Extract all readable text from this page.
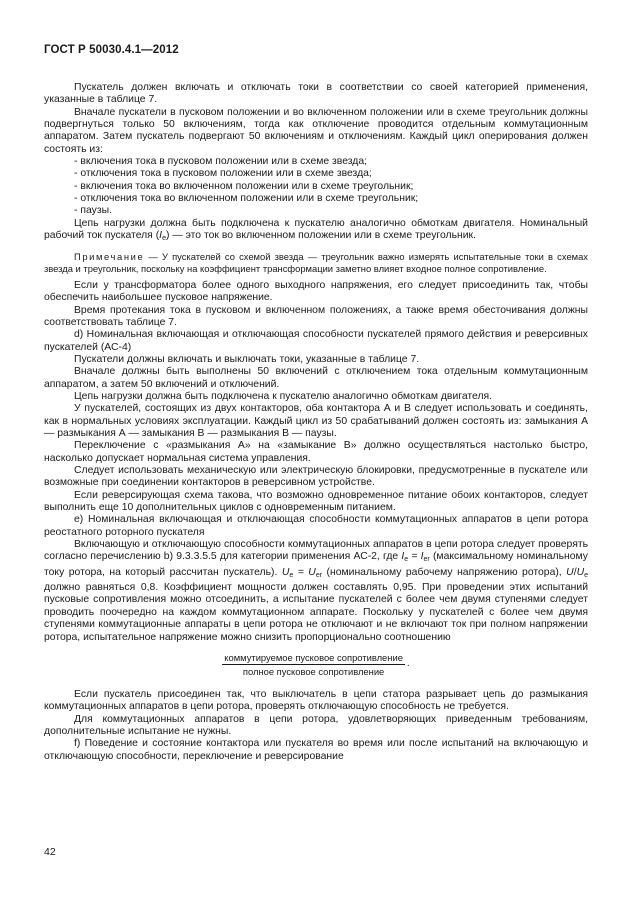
ГОСТ Р 50030.4.1—2012

Пускатель должен включать и отключать токи в соответствии со своей категорией применения, указанные в таблице 7.

Вначале пускатели в пусковом положении и во включенном положении или в схеме треугольник должны подвергнуться только 50 включениям, тогда как отключение проводится отдельным коммутационным аппаратом. Затем пускатель подвергают 50 включениям и отключениям. Каждый цикл оперирования должен состоять из:

- включения тока в пусковом положении или в схеме звезда;

- отключения тока в пусковом положении или в схеме звезда;

- включения тока во включенном положении или в схеме треугольник;

- отключения тока во включенном положении или в схеме треугольник;

- паузы.

Цепь нагрузки должна быть подключена к пускателю аналогично обмоткам двигателя. Номинальный рабочий ток пускателя $(I_e)$ — это ток во включенном положении или в схеме треугольник.

Примечание — У пускателей со схемой звезда — треугольник важно измерять испытательные токи в схемах звезда и треугольник, поскольку на коэффициент трансформации заметно влияет входное полное сопротивление.

Если у трансформатора более одного выходного напряжения, его следует присоединить так, чтобы обеспечить наибольшее пусковое напряжение.

Время протекания тока в пусковом и включенном положениях, а также время обесточивания должны соответствовать таблице 7.

d) Номинальная включающая и отключающая способности пускателей прямого действия и реверсивных пускателей (АС-4)

Пускатели должны включать и выключать токи, указанные в таблице 7.

Вначале должны быть выполнены 50 включений с отключением тока отдельным коммутационным аппаратом, а затем 50 включений и отключений.

Цепь нагрузки должна быть подключена к пускателю аналогично обмоткам двигателя.

У пускателей, состоящих из двух контакторов, оба контактора А и В следует использовать и соединять, как в нормальных условиях эксплуатации. Каждый цикл из 50 срабатываний должен состоять из: замыкания А — размыкания А — замыкания В — размыкания В — паузы.

Переключение с «размыкания А» на «замыкание В» должно осуществляться настолько быстро, насколько допускает нормальная система управления.

Следует использовать механическую или электрическую блокировки, предусмотренные в пускателе или возможные при соединении контакторов в реверсивном устройстве.

Если реверсирующая схема такова, что возможно одновременное питание обоих контакторов, следует выполнить еще 10 дополнительных циклов с одновременным питанием.

е) Номинальная включающая и отключающая способности коммутационных аппаратов в цепи ротора реостатного роторного пускателя

Включающую и отключающую способности коммутационных аппаратов в цепи ротора следует проверять согласно перечислению b) 9.3.3.5.5 для категории применения АС-2, где $I_e = I_{er}$ (максимальному номинальному току ротора, на который рассчитан пускатель). $U_e = U_{er}$ (номинальному рабочему напряжению ротора), $U/U_e$ должно равняться 0,8. Коэффициент мощности должен составлять 0,95. При проведении этих испытаний пусковые сопротивления можно отсоединить, а испытание пускателей с более чем двумя ступенями следует проводить поочередно на каждом коммутационном аппарате. Поскольку у пускателей с более чем двумя ступенями коммутационные аппараты в цепи ротора не отключают и не включают ток при полном напряжении ротора, испытательное напряжение можно снизить пропорционально соотношению

$\frac{\text{коммутируемое пусковое сопротивление}}{\text{полное пусковое сопротивление}}$ .

Если пускатель присоединен так, что выключатель в цепи статора разрывает цепь до размыкания коммутационных аппаратов в цепи ротора, проверять отключающую способность не требуется.

Для коммутационных аппаратов в цепи ротора, удовлетворяющих приведенным требованиям, дополнительные испытание не нужны.

f) Поведение и состояние контактора или пускателя во время или после испытаний на включающую и отключающую способности, переключение и реверсирование

42
